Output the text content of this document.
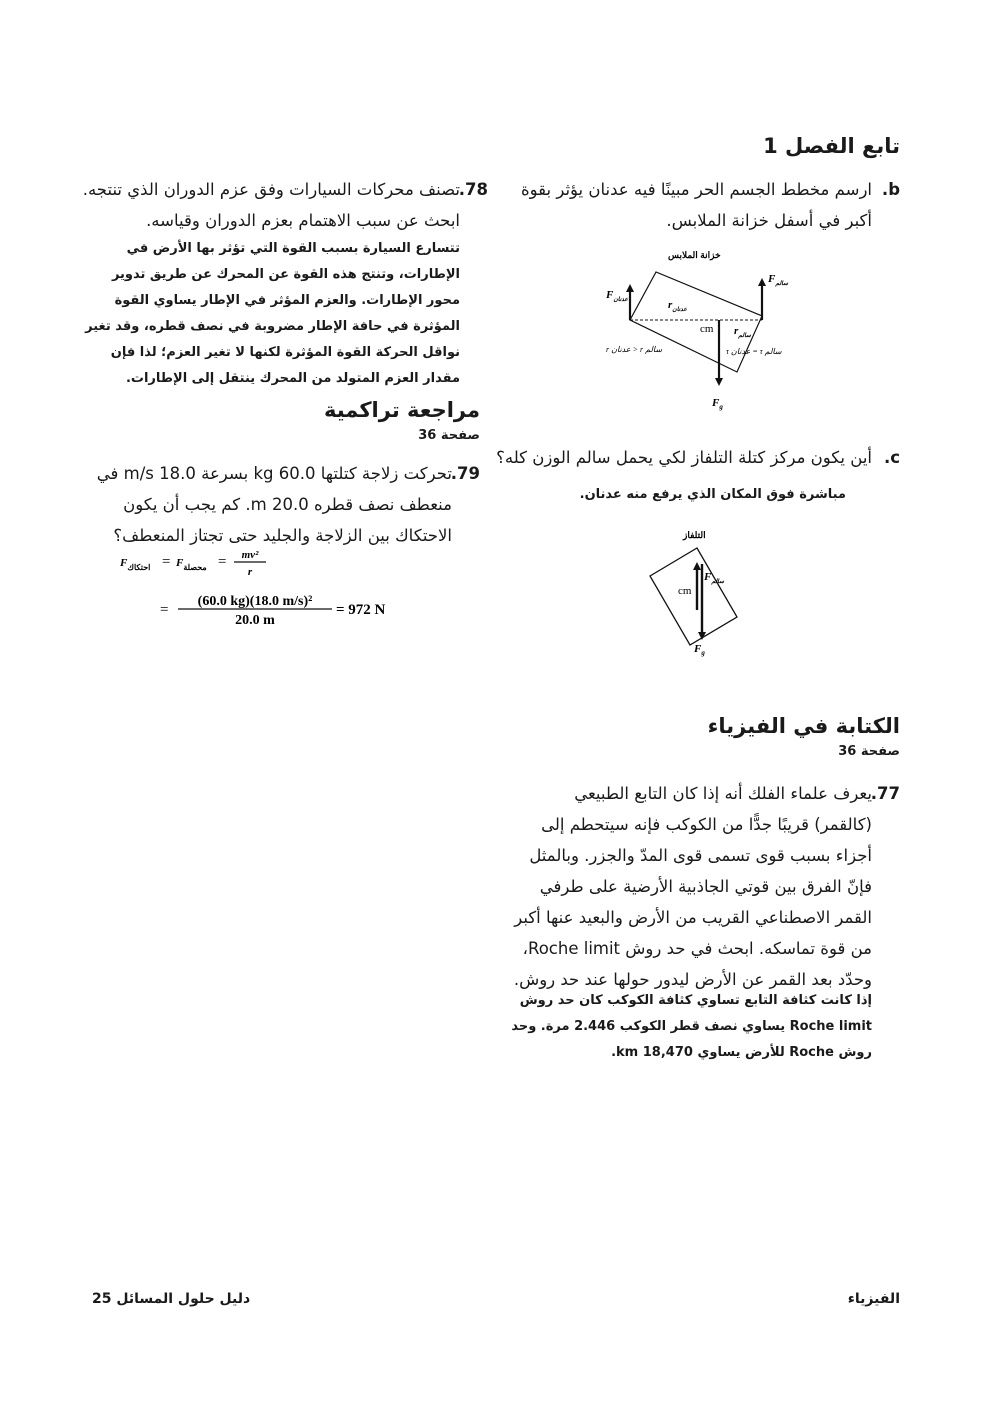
تابع الفصل 1
b.
ارسم مخطط الجسم الحر مبينًا فيه عدنان يؤثر بقوة أكبر في أسفل خزانة الملابس.
خزانة الملابس
$F_{عدنان}$
$F_{سالم}$
$r_{عدنان}$
$r_{سالم}$
cm
$F_g$
r عدنان > r سالم	τ عدنان = τ سالم
c.
أين يكون مركز كتلة التلفاز لكي يحمل سالم الوزن كله؟
مباشرة فوق المكان الذي يرفع منه عدنان.
التلفاز
cm
$F_{سالم}$
$F_g$
الكتابة في الفيزياء
صفحة 36
77.
يعرف علماء الفلك أنه إذا كان التابع الطبيعي (كالقمر) قريبًا جدًّا من الكوكب فإنه سيتحطم إلى أجزاء بسبب قوى تسمى قوى المدّ والجزر. وبالمثل فإنّ الفرق بين قوتي الجاذبية الأرضية على طرفي القمر الاصطناعي القريب من الأرض والبعيد عنها أكبر من قوة تماسكه. ابحث في حد روش Roche limit، وحدّد بعد القمر عن الأرض ليدور حولها عند حد روش.
إذا كانت كثافة التابع تساوي كثافة الكوكب كان حد روش Roche limit يساوي نصف قطر الكوكب 2.446 مرة. وحد روش Roche للأرض يساوي 18,470 km.
78.
تصنف محركات السيارات وفق عزم الدوران الذي تنتجه. ابحث عن سبب الاهتمام بعزم الدوران وقياسه.
تتسارع السيارة بسبب القوة التي تؤثر بها الأرض في الإطارات، وتنتج هذه القوة عن المحرك عن طريق تدوير محور الإطارات. والعزم المؤثر في الإطار يساوي القوة المؤثرة في حافة الإطار مضروبة في نصف قطره، وقد تغير نواقل الحركة القوة المؤثرة لكنها لا تغير العزم؛ لذا فإن مقدار العزم المتولد من المحرك ينتقل إلى الإطارات.
مراجعة تراكمية
صفحة 36
79.
تحركت زلاجة كتلتها 60.0 kg بسرعة 18.0 m/s في منعطف نصف قطره 20.0 m. كم يجب أن يكون الاحتكاك بين الزلاجة والجليد حتى تجتاز المنعطف؟
$F_{احتكاك} = F_{محصلة} = mv^2$
r
=
(60.0 kg)(18.0 m/s)²
20.0 m
= 972 N
الفيزياء
دليل حلول المسائل 25
